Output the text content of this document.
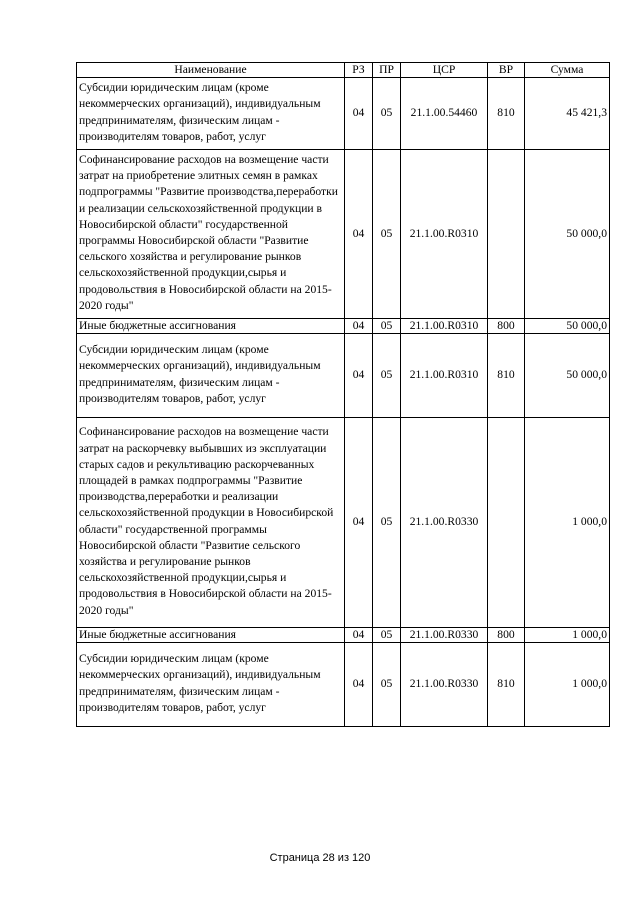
Наименование	РЗ	ПР	ЦСР	ВР	Сумма
Субсидии юридическим лицам (кроме некоммерческих организаций), индивидуальным предпринимателям, физическим лицам - производителям товаров, работ, услуг	04	05	21.1.00.54460	810	45 421,3
Софинансирование расходов на возмещение части затрат на приобретение элитных семян в рамках подпрограммы "Развитие производства,переработки и реализации сельскохозяйственной продукции в Новосибирской области" государственной программы Новосибирской области "Развитие сельского хозяйства и регулирование рынков сельскохозяйственной продукции,сырья и продовольствия в Новосибирской области на 2015-2020 годы"	04	05	21.1.00.R0310		50 000,0
Иные бюджетные ассигнования	04	05	21.1.00.R0310	800	50 000,0
Субсидии юридическим лицам (кроме некоммерческих организаций), индивидуальным предпринимателям, физическим лицам - производителям товаров, работ, услуг	04	05	21.1.00.R0310	810	50 000,0
Софинансирование расходов на возмещение части затрат на раскорчевку выбывших из эксплуатации старых садов и рекультивацию раскорчеванных площадей в рамках подпрограммы "Развитие производства,переработки и реализации сельскохозяйственной продукции в Новосибирской области" государственной программы Новосибирской области "Развитие сельского хозяйства и регулирование рынков сельскохозяйственной продукции,сырья и продовольствия в Новосибирской области на 2015-2020 годы"	04	05	21.1.00.R0330		1 000,0
Иные бюджетные ассигнования	04	05	21.1.00.R0330	800	1 000,0
Субсидии юридическим лицам (кроме некоммерческих организаций), индивидуальным предпринимателям, физическим лицам - производителям товаров, работ, услуг	04	05	21.1.00.R0330	810	1 000,0
Страница 28 из 120
